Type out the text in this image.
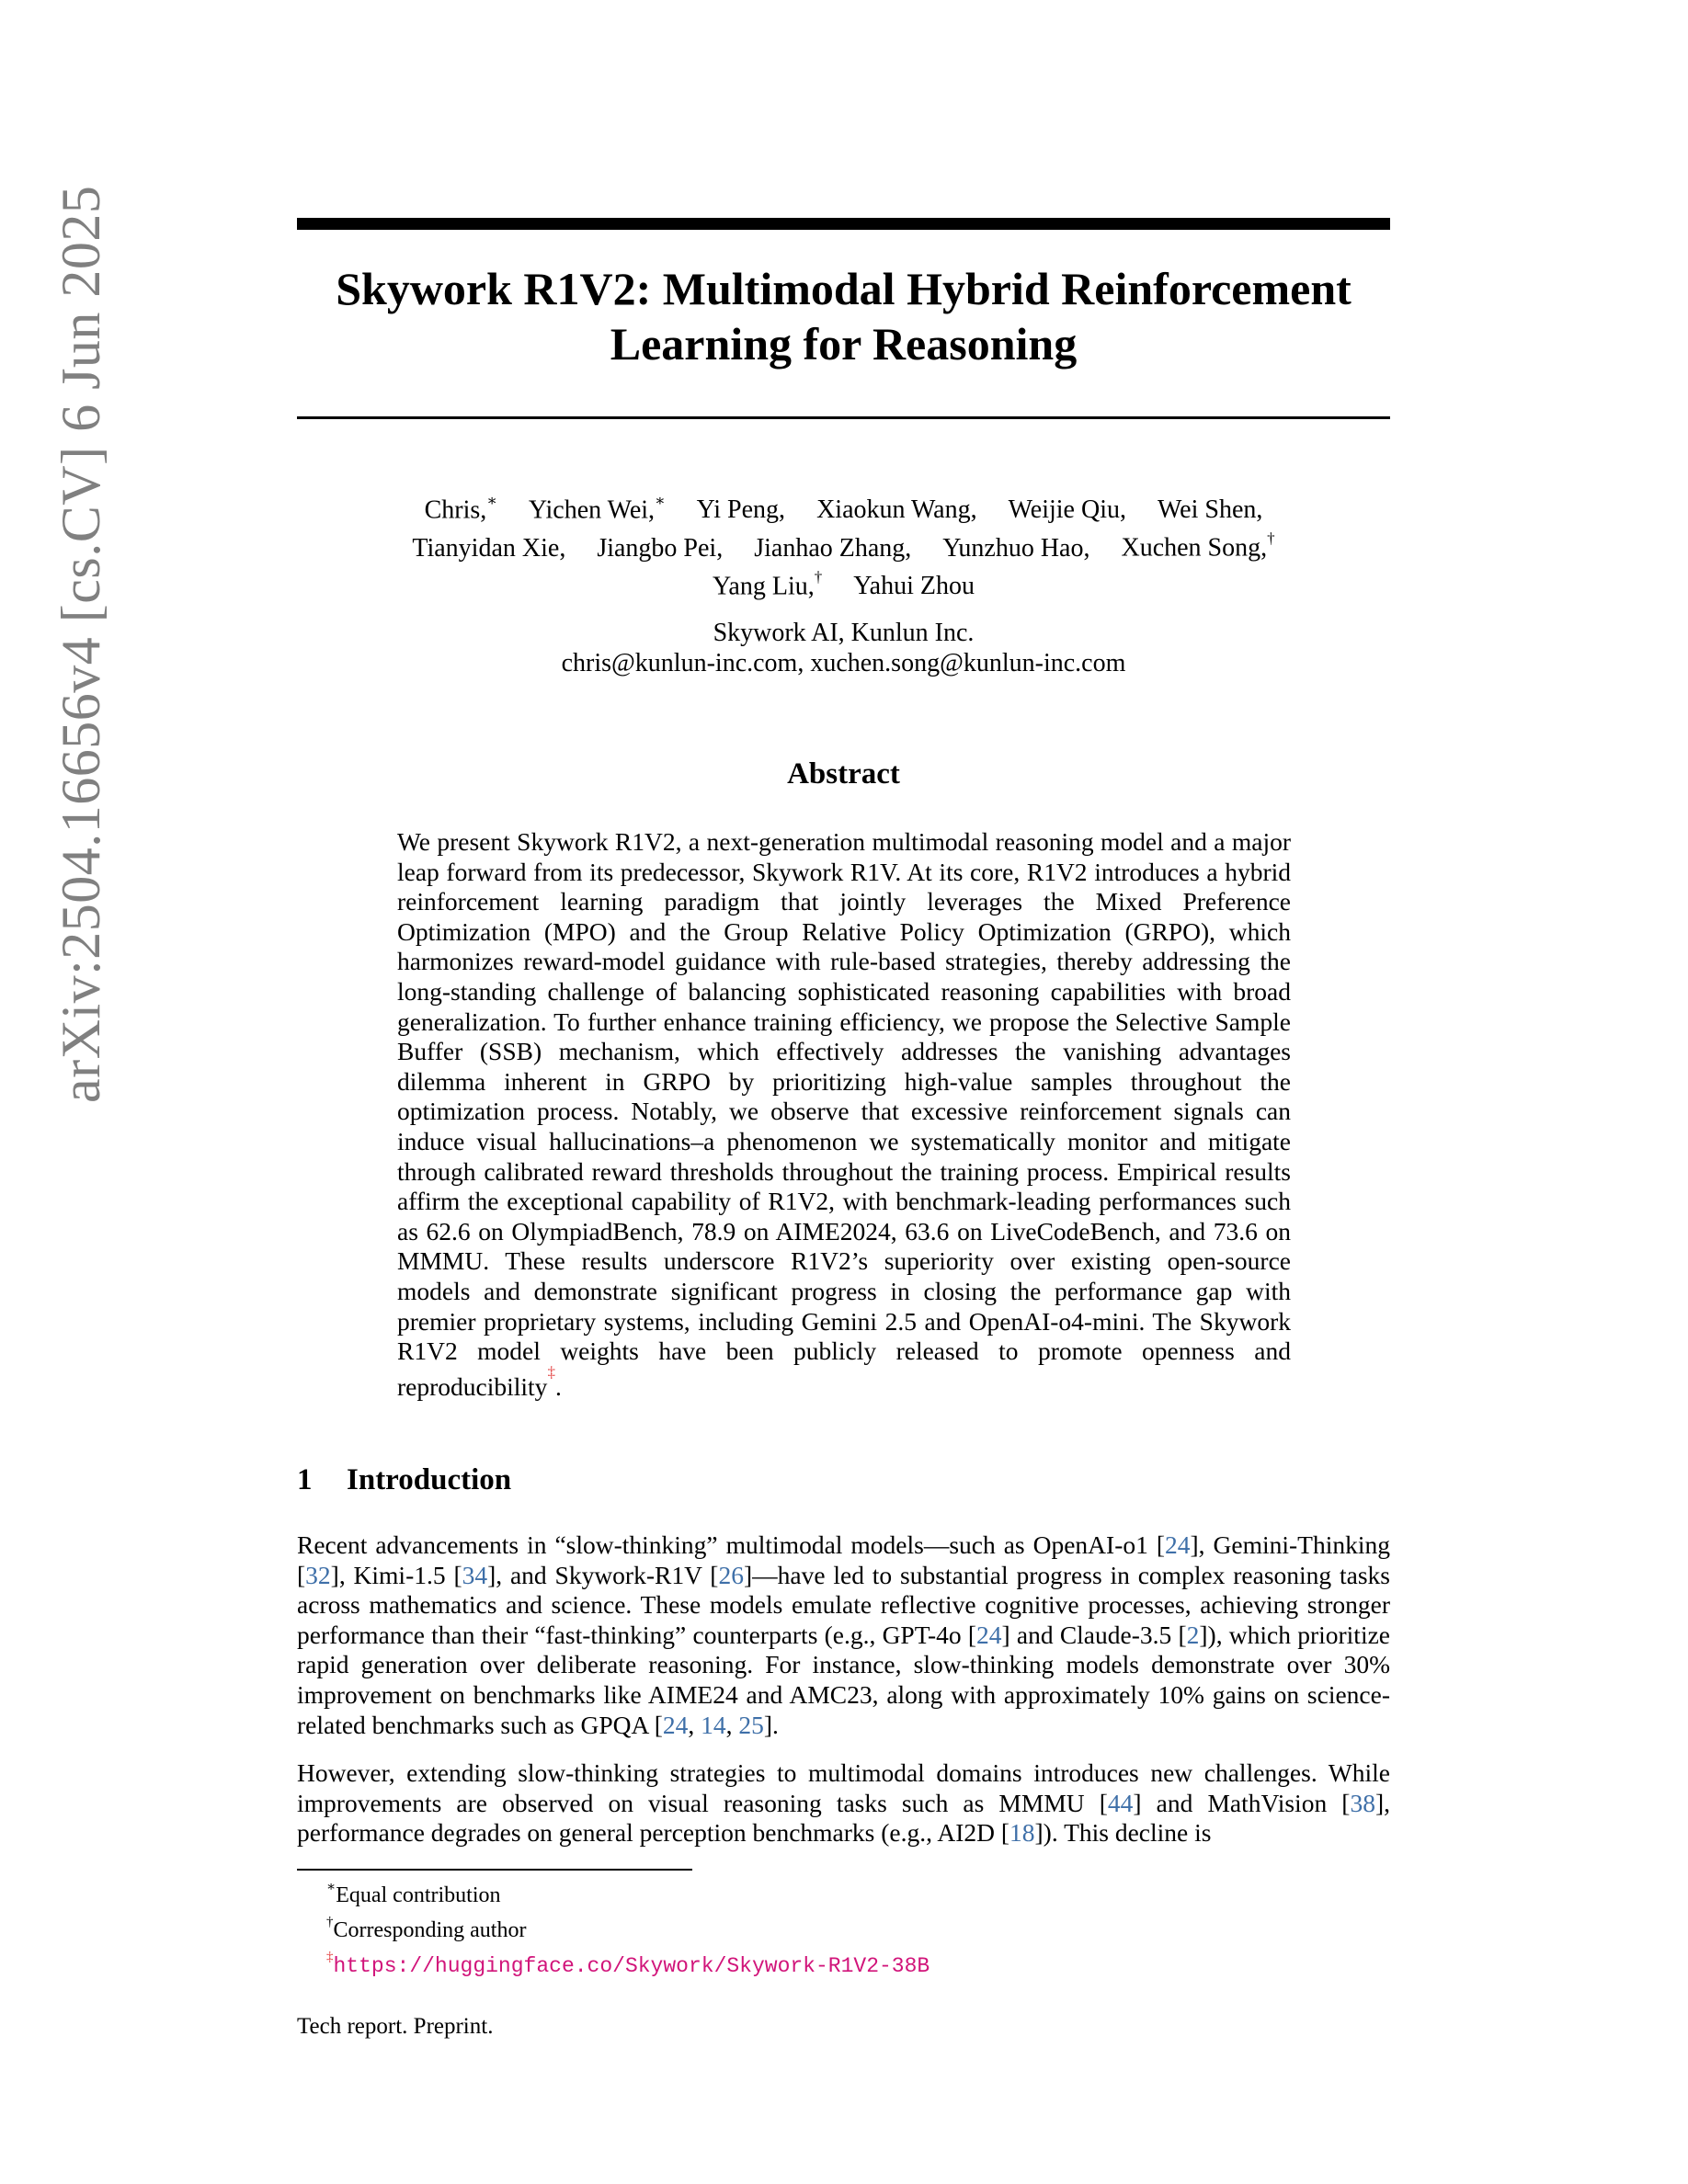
arXiv:2504.16656v4 [cs.CV] 6 Jun 2025	Skywork R1V2: Multimodal Hybrid Reinforcement
Learning for Reasoning
Chris,∗ Yichen Wei,∗ Yi Peng, Xiaokun Wang, Weijie Qiu, Wei Shen,
Tianyidan Xie, Jiangbo Pei, Jianhao Zhang, Yunzhuo Hao, Xuchen Song,†
Yang Liu,† Yahui Zhou
Skywork AI, Kunlun Inc.
chris@kunlun-inc.com, xuchen.song@kunlun-inc.com
Abstract
We present Skywork R1V2, a next-generation multimodal reasoning model and a major leap forward from its predecessor, Skywork R1V. At its core, R1V2 introduces a hybrid reinforcement learning paradigm that jointly leverages the Mixed Preference Optimization (MPO) and the Group Relative Policy Optimization (GRPO), which harmonizes reward-model guidance with rule-based strategies, thereby addressing the long-standing challenge of balancing sophisticated reasoning capabilities with broad generalization. To further enhance training efficiency, we propose the Selective Sample Buffer (SSB) mechanism, which effectively addresses the vanishing advantages dilemma inherent in GRPO by prioritizing high-value samples throughout the optimization process. Notably, we observe that excessive reinforcement signals can induce visual hallucinations–a phenomenon we systematically monitor and mitigate through calibrated reward thresholds throughout the training process. Empirical results affirm the exceptional capability of R1V2, with benchmark-leading performances such as 62.6 on OlympiadBench, 78.9 on AIME2024, 63.6 on LiveCodeBench, and 73.6 on MMMU. These results underscore R1V2’s superiority over existing open-source models and demonstrate significant progress in closing the performance gap with premier proprietary systems, including Gemini 2.5 and OpenAI-o4-mini. The Skywork R1V2 model weights have been publicly released to promote openness and reproducibility‡.
1 Introduction
Recent advancements in “slow-thinking” multimodal models—such as OpenAI-o1 [24], Gemini-Thinking [32], Kimi-1.5 [34], and Skywork-R1V [26]—have led to substantial progress in complex reasoning tasks across mathematics and science. These models emulate reflective cognitive processes, achieving stronger performance than their “fast-thinking” counterparts (e.g., GPT-4o [24] and Claude-3.5 [2]), which prioritize rapid generation over deliberate reasoning. For instance, slow-thinking models demonstrate over 30% improvement on benchmarks like AIME24 and AMC23, along with approximately 10% gains on science-related benchmarks such as GPQA [24, 14, 25].
However, extending slow-thinking strategies to multimodal domains introduces new challenges. While improvements are observed on visual reasoning tasks such as MMMU [44] and MathVision [38], performance degrades on general perception benchmarks (e.g., AI2D [18]). This decline is
∗Equal contribution
†Corresponding author
‡https://huggingface.co/Skywork/Skywork-R1V2-38B
Tech report. Preprint.
